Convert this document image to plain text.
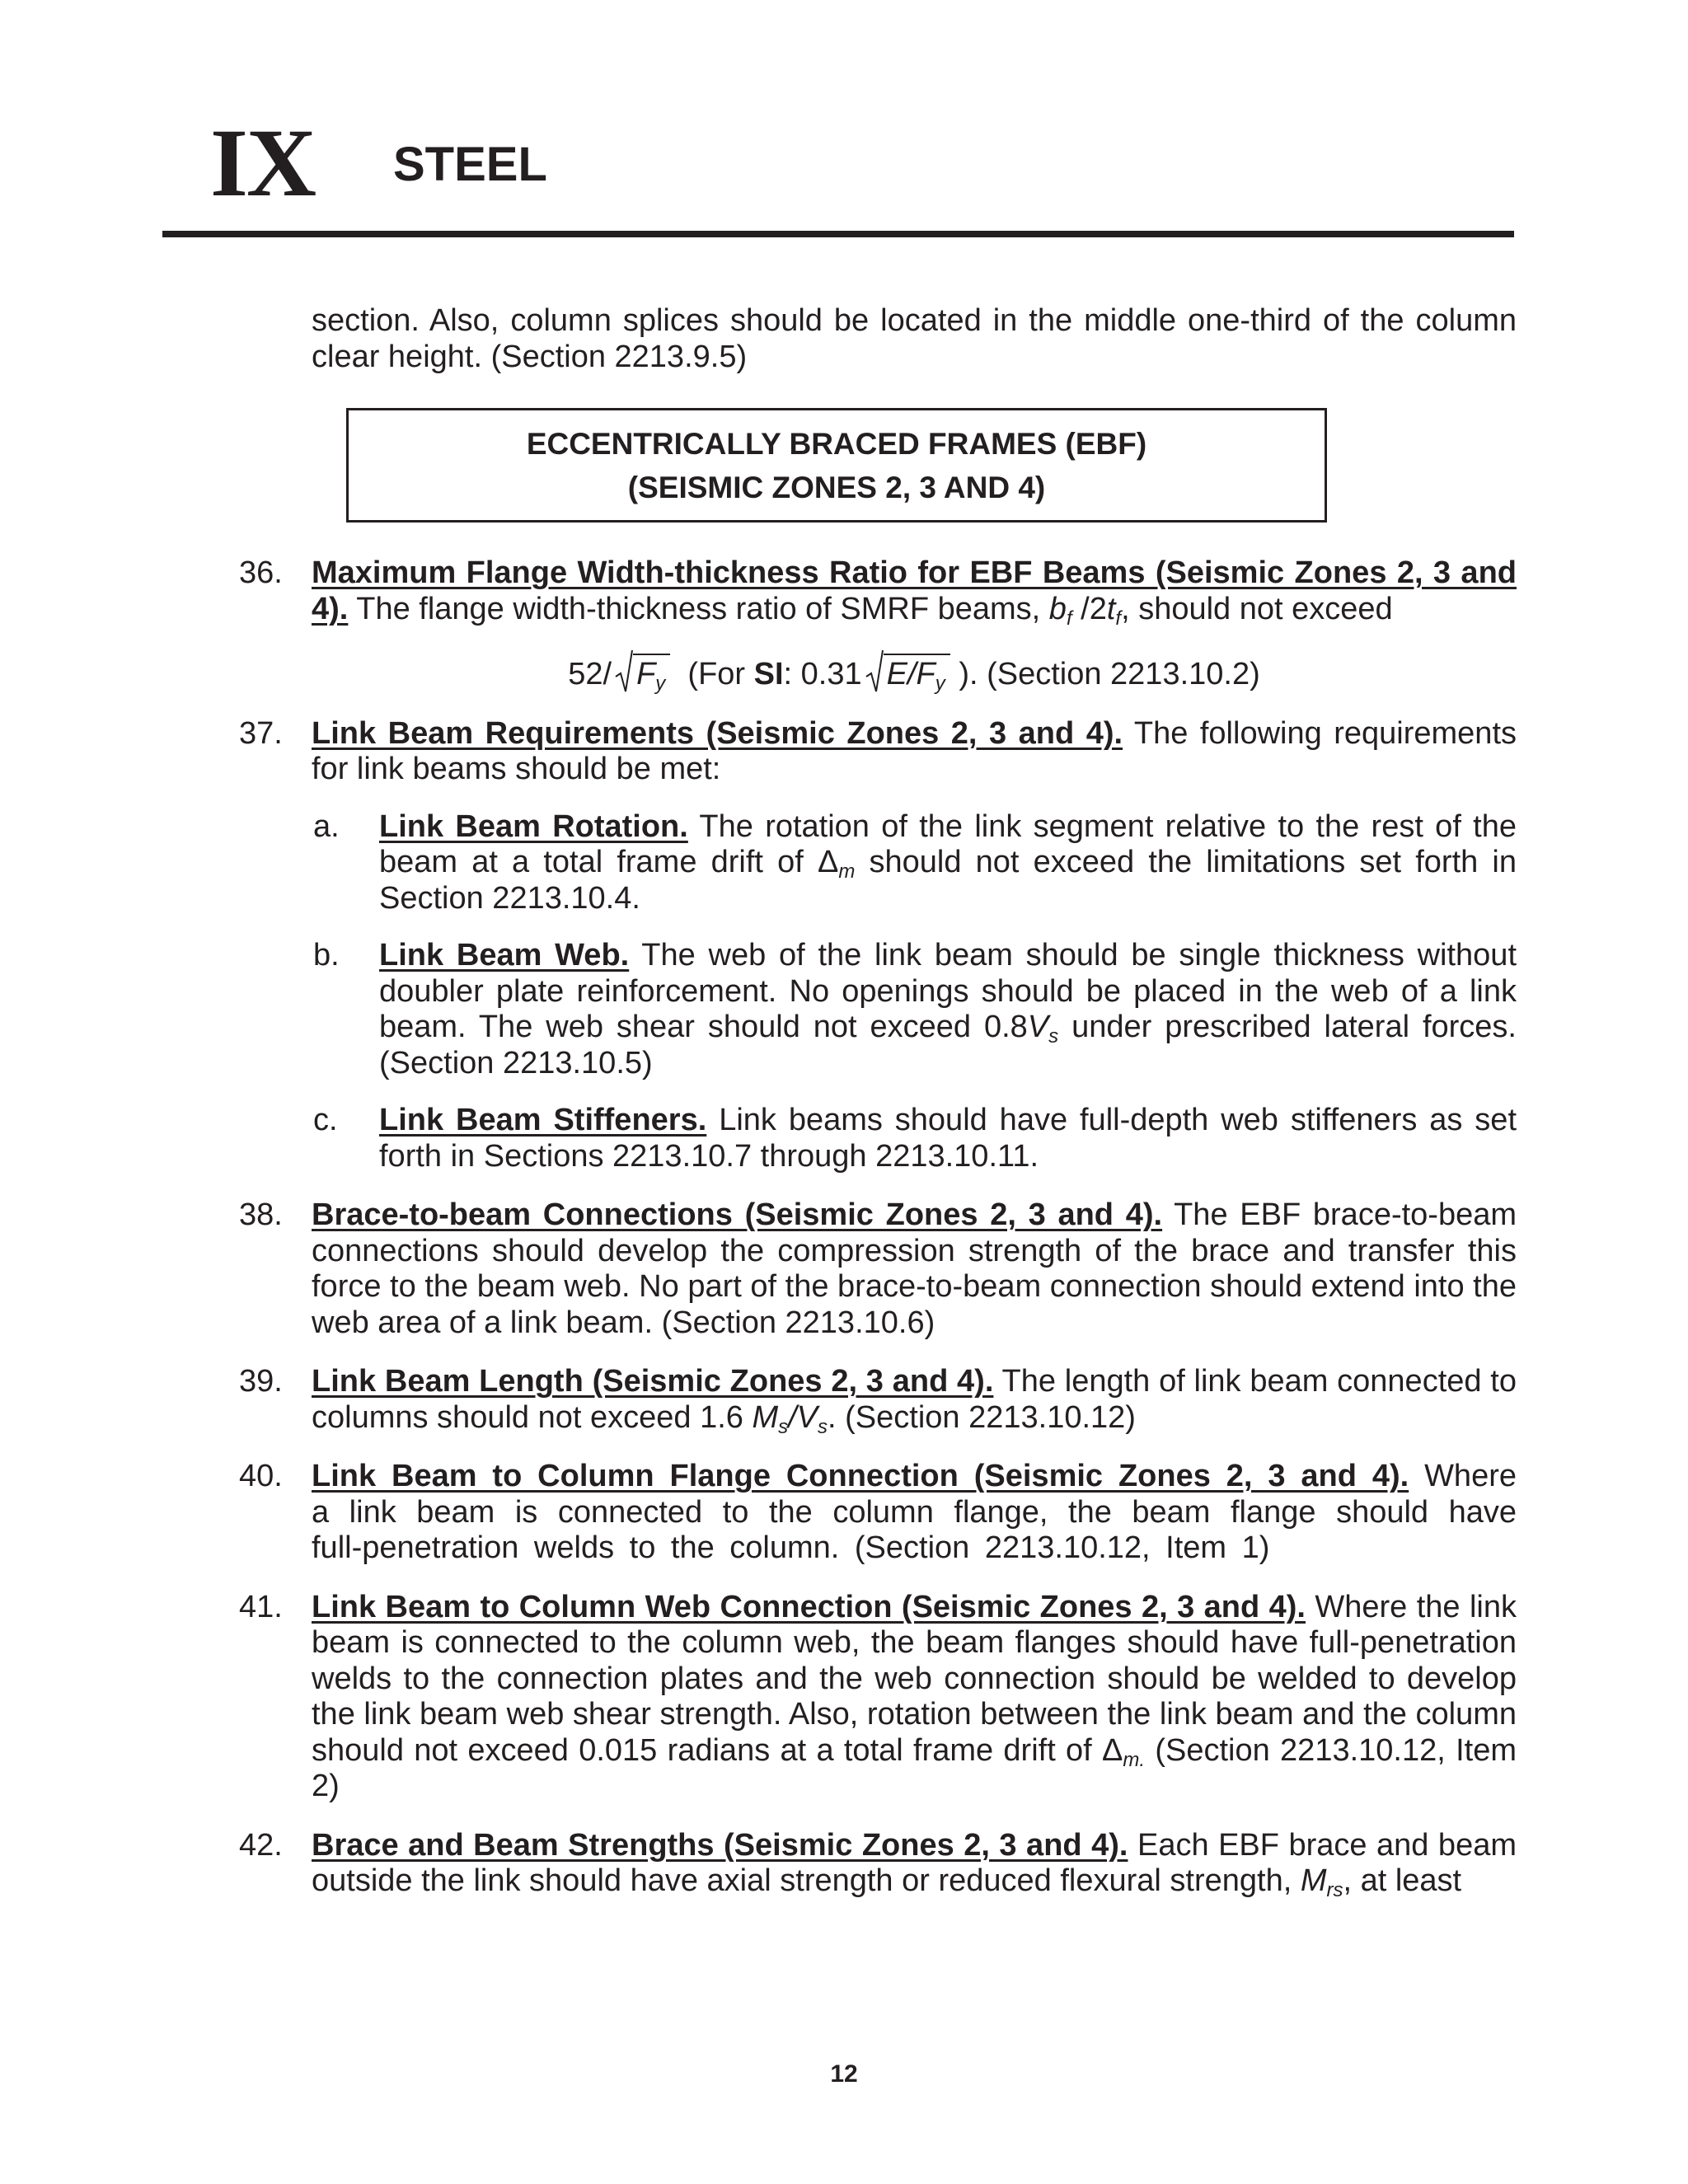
IX STEEL

section. Also, column splices should be located in the middle one-third of the column clear height. (Section 2213.9.5)

ECCENTRICALLY BRACED FRAMES (EBF)
(SEISMIC ZONES 2, 3 AND 4)
36. Maximum Flange Width-thickness Ratio for EBF Beams (Seismic Zones 2, 3 and 4). The flange width-thickness ratio of SMRF beams, $b_f$ $/2t_f$, should not exceed
52/ $F_y$ (For SI: 0.31 $E/F_y$ ). (Section 2213.10.2)
37. Link Beam Requirements (Seismic Zones 2, 3 and 4). The following requirements for link beams should be met:
a. Link Beam Rotation. The rotation of the link segment relative to the rest of the beam at a total frame drift of $\Delta_m$ should not exceed the limitations set forth in Section 2213.10.4.
b. Link Beam Web. The web of the link beam should be single thickness without doubler plate reinforcement. No openings should be placed in the web of a link beam. The web shear should not exceed $0.8V_s$ under prescribed lateral forces. (Section 2213.10.5)
c. Link Beam Stiffeners. Link beams should have full-depth web stiffeners as set forth in Sections 2213.10.7 through 2213.10.11.
38. Brace-to-beam Connections (Seismic Zones 2, 3 and 4). The EBF brace-to-beam connections should develop the compression strength of the brace and transfer this force to the beam web. No part of the brace-to-beam connection should extend into the web area of a link beam. (Section 2213.10.6)
39. Link Beam Length (Seismic Zones 2, 3 and 4). The length of link beam connected to columns should not exceed 1.6 $M_s/V_s$. (Section 2213.10.12)
40. Link Beam to Column Flange Connection (Seismic Zones 2, 3 and 4). Where a link beam is connected to the column flange, the beam flange should have full-penetration welds to the column. (Section 2213.10.12, Item 1)
41. Link Beam to Column Web Connection (Seismic Zones 2, 3 and 4). Where the link beam is connected to the column web, the beam flanges should have full-penetration welds to the connection plates and the web connection should be welded to develop the link beam web shear strength. Also, rotation between the link beam and the column should not exceed 0.015 radians at a total frame drift of $\Delta_{m.}$ (Section 2213.10.12, Item 2)
42. Brace and Beam Strengths (Seismic Zones 2, 3 and 4). Each EBF brace and beam outside the link should have axial strength or reduced flexural strength, $M_{rs}$, at least
12
